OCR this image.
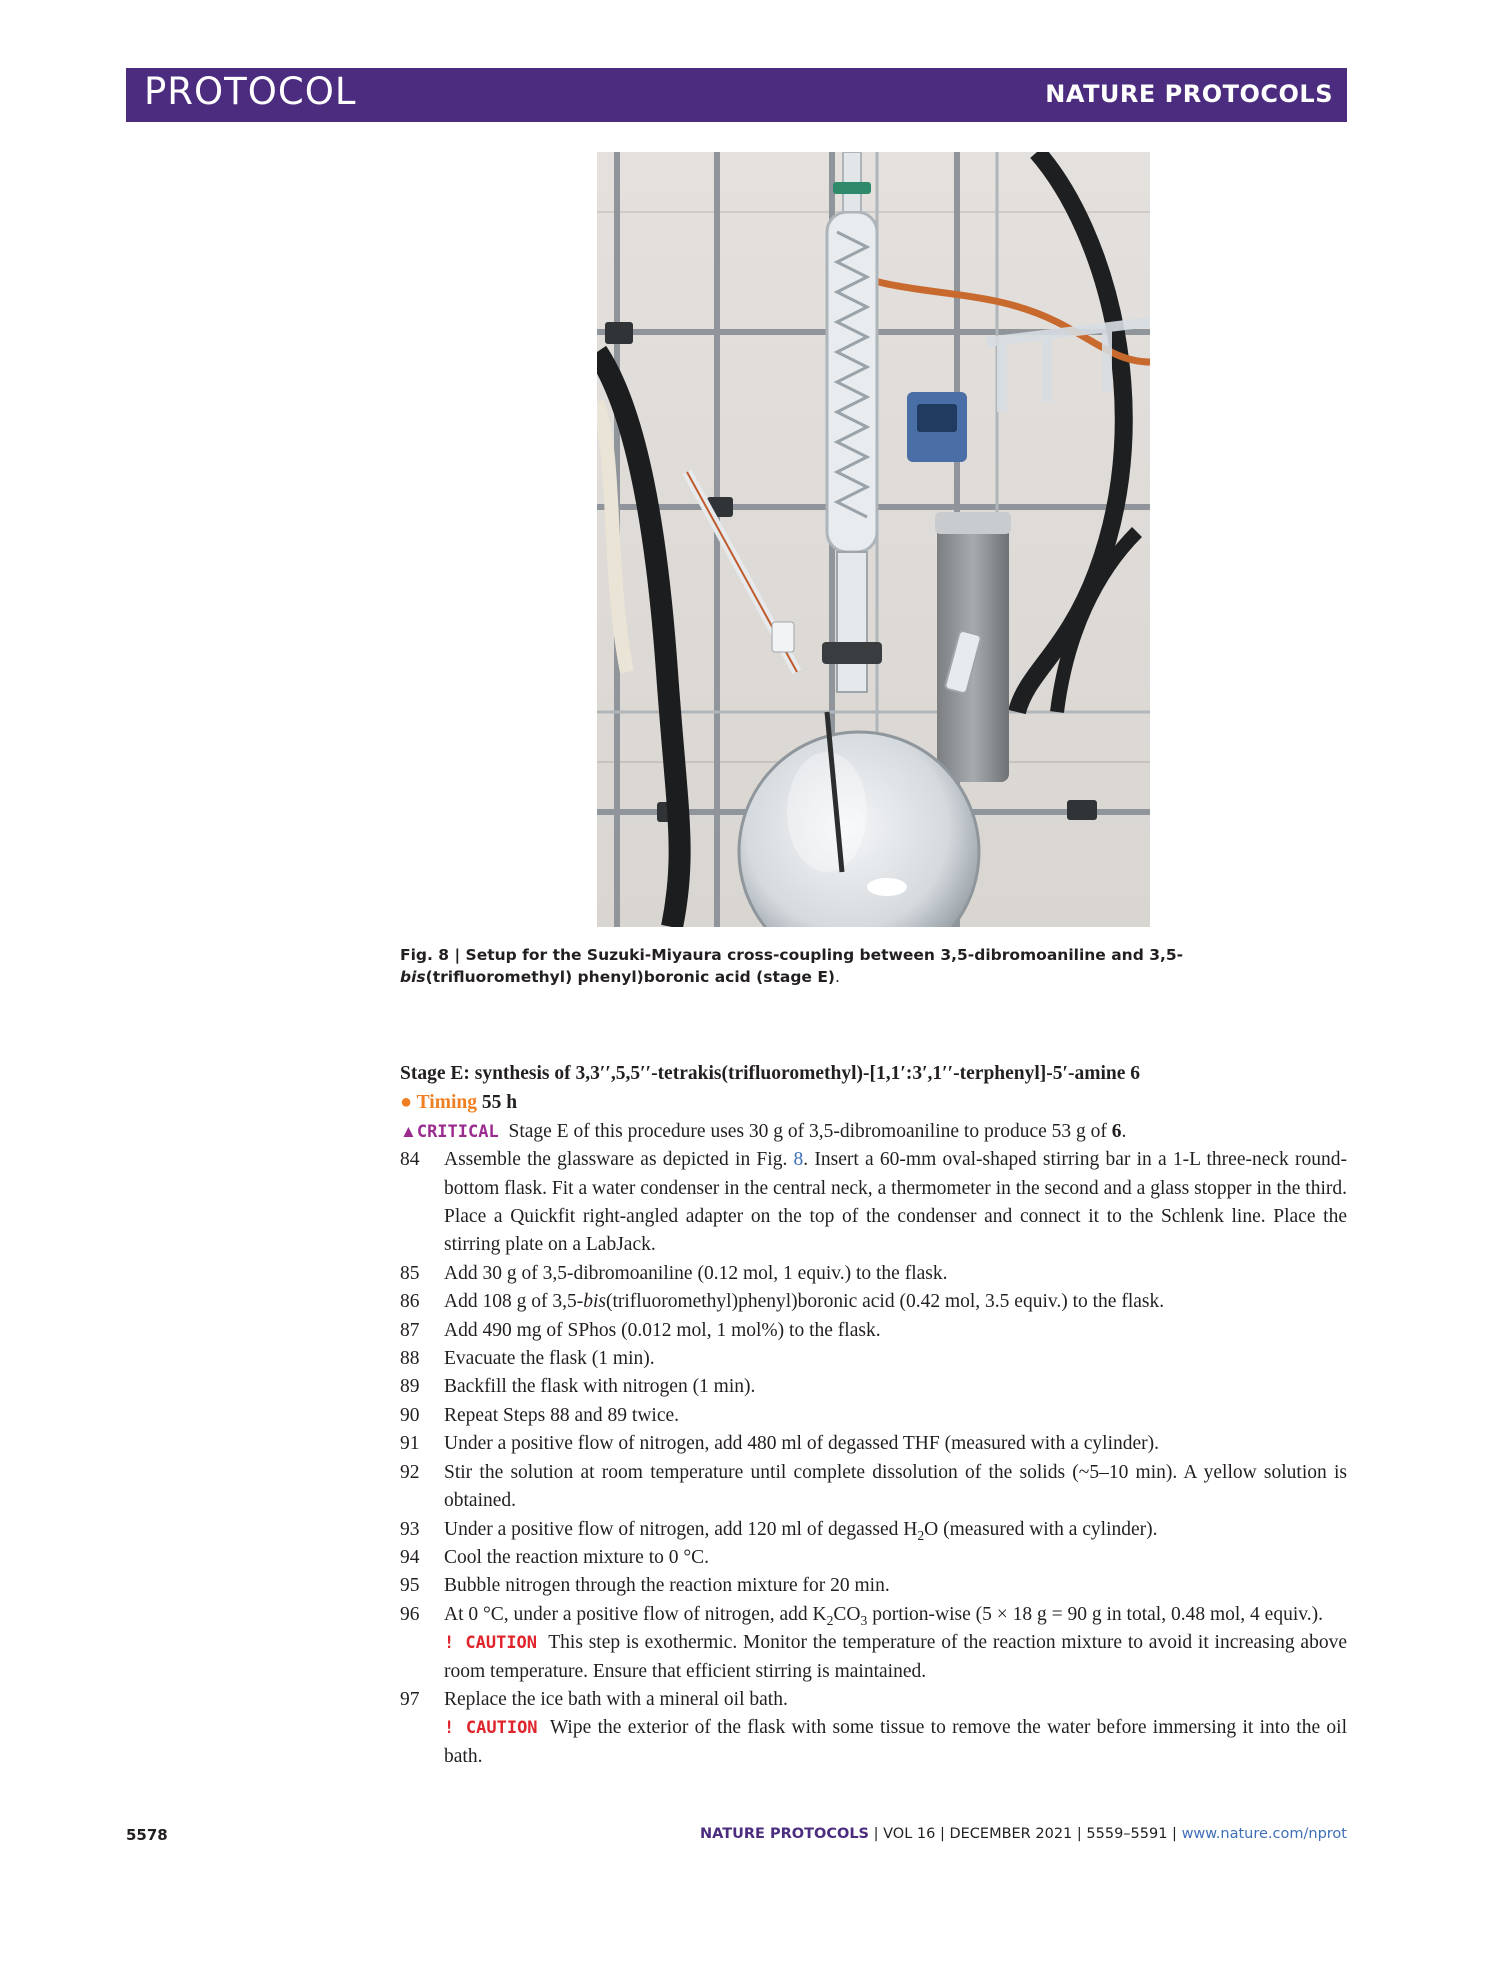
PROTOCOL	NATURE PROTOCOLS
Fig. 8 | Setup for the Suzuki-Miyaura cross-coupling between 3,5-dibromoaniline and 3,5-bis(trifluoromethyl) phenyl)boronic acid (stage E).
Stage E: synthesis of 3,3′′,5,5′′-tetrakis(trifluoromethyl)-[1,1′:3′,1′′-terphenyl]-5′-amine 6
● Timing 55 h
▲CRITICAL Stage E of this procedure uses 30 g of 3,5-dibromoaniline to produce 53 g of 6.
84 Assemble the glassware as depicted in Fig. 8. Insert a 60-mm oval-shaped stirring bar in a 1-L three-neck round-bottom flask. Fit a water condenser in the central neck, a thermometer in the second and a glass stopper in the third. Place a Quickfit right-angled adapter on the top of the condenser and connect it to the Schlenk line. Place the stirring plate on a LabJack.
85 Add 30 g of 3,5-dibromoaniline (0.12 mol, 1 equiv.) to the flask.
86 Add 108 g of 3,5-bis(trifluoromethyl)phenyl)boronic acid (0.42 mol, 3.5 equiv.) to the flask.
87 Add 490 mg of SPhos (0.012 mol, 1 mol%) to the flask.
88 Evacuate the flask (1 min).
89 Backfill the flask with nitrogen (1 min).
90 Repeat Steps 88 and 89 twice.
91 Under a positive flow of nitrogen, add 480 ml of degassed THF (measured with a cylinder).
92 Stir the solution at room temperature until complete dissolution of the solids (~5–10 min). A yellow solution is obtained.
93 Under a positive flow of nitrogen, add 120 ml of degassed $H_2O$ (measured with a cylinder).
94 Cool the reaction mixture to 0 °C.
95 Bubble nitrogen through the reaction mixture for 20 min.
96 At 0 °C, under a positive flow of nitrogen, add $K_2CO_3$ portion-wise (5 × 18 g = 90 g in total, 0.48 mol, 4 equiv.).
! CAUTION This step is exothermic. Monitor the temperature of the reaction mixture to avoid it increasing above room temperature. Ensure that efficient stirring is maintained.
97 Replace the ice bath with a mineral oil bath.
! CAUTION Wipe the exterior of the flask with some tissue to remove the water before immersing it into the oil bath.
5578	NATURE PROTOCOLS | VOL 16 | DECEMBER 2021 | 5559–5591 | www.nature.com/nprot
